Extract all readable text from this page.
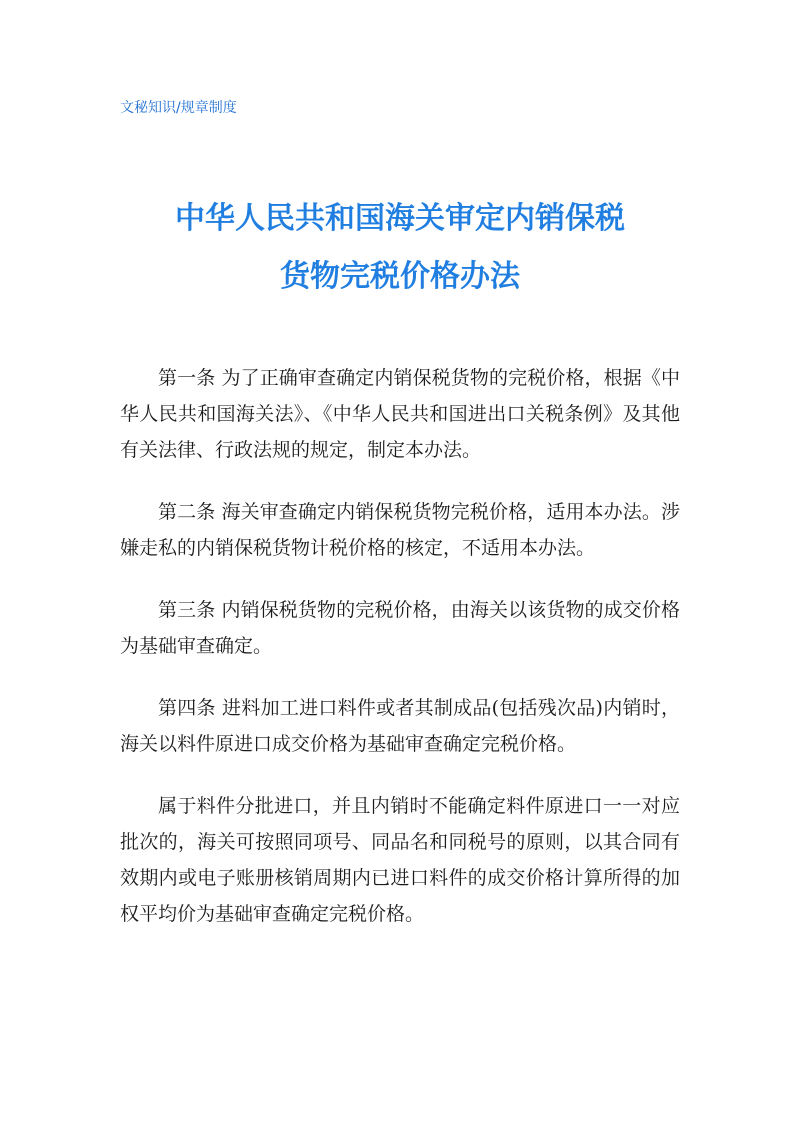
文秘知识/规章制度
中华人民共和国海关审定内销保税
货物完税价格办法

第一条 为了正确审查确定内销保税货物的完税价格，根据《中华人民共和国海关法》、《中华人民共和国进出口关税条例》及其他有关法律、行政法规的规定，制定本办法。

第二条 海关审查确定内销保税货物完税价格，适用本办法。涉嫌走私的内销保税货物计税价格的核定，不适用本办法。

第三条 内销保税货物的完税价格，由海关以该货物的成交价格为基础审查确定。

第四条 进料加工进口料件或者其制成品(包括残次品)内销时，海关以料件原进口成交价格为基础审查确定完税价格。

属于料件分批进口，并且内销时不能确定料件原进口一一对应批次的，海关可按照同项号、同品名和同税号的原则，以其合同有效期内或电子账册核销周期内已进口料件的成交价格计算所得的加权平均价为基础审查确定完税价格。
